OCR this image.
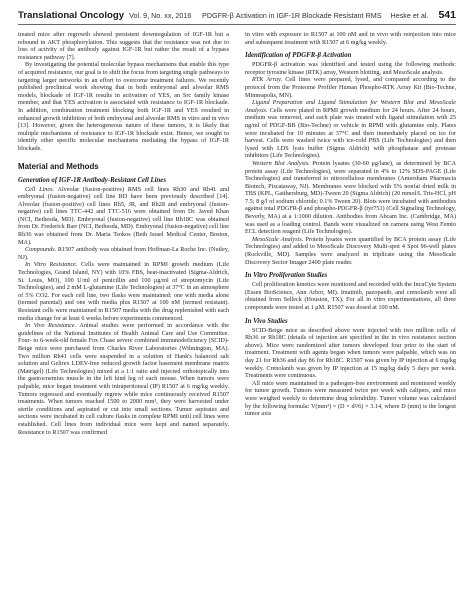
Translational Oncology Vol. 9, No. xx, 2016 PDGFR-β Activation in IGF-1R Blockade Resistant RMS Heske et al. 541

treated mice after regrowth showed persistent downregulation of IGF-1R but a rebound in AKT phosphorylation. This suggests that the resistance was not due to loss of activity of the antibody against IGF-1R but rather the result of a bypass resistance pathway [7].

By investigating the potential molecular bypass mechanisms that enable this type of acquired resistance, our goal is to shift the focus from targeting single pathways to targeting larger networks in an effort to overcome treatment failures. We recently published preclinical work showing that in both embryonal and alveolar RMS models, blockade of IGF-1R results in activation of YES, an Src family kinase member, and that YES activation is associated with resistance to IGF-1R blockade. In addition, combination treatment blocking both IGF-1R and YES resulted in enhanced growth inhibition of both embryonal and alveolar RMS in vitro and in vivo [13]. However, given the heterogeneous nature of these tumors, it is likely that multiple mechanisms of resistance to IGF-1R blockade exist. Hence, we sought to identify other specific molecular mechanisms mediating the bypass of IGF-1R blockade.

Material and Methods
Generation of IGF-1R Antibody-Resistant Cell Lines

Cell Lines. Alveolar (fusion-positive) RMS cell lines Rh30 and Rh41 and embryonal (fusion-negative) cell line RD have been previously described [14]. Alveolar (fusion-positive) cell lines Rh5, JR, and Rh28 and embryonal (fusion-negative) cell lines TTC-442 and TTC-516 were obtained from Dr. Javed Khan (NCI, Bethesda, MD). Embryonal (fusion-negative) cell line Rh18C was obtained from Dr. Frederick Barr (NCI, Bethesda, MD). Embryonal (fusion-negative) cell line Rh36 was obtained from Dr. Maria Tsokos (Beth Israel Medical Center, Boston, MA).

Compounds. R1507 antibody was obtained from Hoffman-La Roche Inc. (Nutley, NJ).

In Vitro Resistance. Cells were maintained in RPMI growth medium (Life Technologies, Grand Island, NY) with 10% FBS, heat-inactivated (Sigma-Aldrich, St. Louis, MO), 100 U/ml of penicillin and 100 μg/ml of streptomycin (Life Technologies), and 2 mM L-glutamine (Life Technologies) at 37°C in an atmosphere of 5% CO2. For each cell line, two flasks were maintained: one with media alone (termed parental) and one with media plus R1507 at 100 nM (termed resistant). Resistant cells were maintained in R1507 media with the drug replenished with each media change for at least 6 weeks before experiments commenced.

In Vivo Resistance. Animal studies were performed in accordance with the guidelines of the National Institutes of Health Animal Care and Use Committee. Four- to 6-week-old female Fox Chase severe combined immunodeficiency (SCID)-Beige mice were purchased from Charles River Laboratories (Wilmington, MA). Two million Rh41 cells were suspended in a solution of Hank's balanced salt solution and Geltrex LDEV-free reduced growth factor basement membrane matrix (Matrigel) (Life Technologies) mixed at a 1:1 ratio and injected orthotopically into the gastrocnemius muscle in the left hind leg of each mouse. When tumors were palpable, mice began treatment with intraperitoneal (IP) R1507 at 6 mg/kg weekly. Tumors regressed and eventually regrew while mice continuously received R1507 treatments. When tumors reached 1500 to 2000 mm³, they were harvested under sterile conditions and aspirated or cut into small sections. Tumor aspirates and sections were incubated in cell culture flasks in complete RPMI until cell lines were established. Cell lines from individual mice were kept and named separately. Resistance to R1507 was confirmed

in vitro with exposure to R1507 at 100 nM and in vivo with reinjection into mice and subsequent treatment with R1507 at 6 mg/kg weekly.

Identification of PDGFR-β Activation

PDGFR-β activation was identified and tested using the following methods: receptor tyrosine kinase (RTK) array, Western blotting, and MesoScale analysis.

RTK Array. Cell lines were prepared, lysed, and compared according to the protocol from the Proteome Profiler Human Phospho-RTK Array Kit (Bio-Techne, Minneapolis, MN).

Ligand Preparation and Ligand Stimulation for Western Blot and MesoScale Analysis. Cells were plated in RPMI growth medium for 24 hours. After 24 hours, medium was removed, and each plate was treated with ligand stimulation with 25 ng/ml of PDGF-BB (Bio-Techne) or vehicle in RPMI with glutamine only. Plates were incubated for 10 minutes at 37°C and then immediately placed on ice for harvest. Cells were washed twice with ice-cold PBS (Life Technologies) and then lysed with LDS lysis buffer (Sigma Aldrich) with phosphatase and protease inhibitors (Life Technologies).

Western Blot Analysis. Protein lysates (30-60 μg/lane), as determined by BCA protein assay (Life Technologies), were separated in 4% to 12% SDS-PAGE (Life Technologies) and transferred to nitrocellulose membranes (Amersham Pharmacia Biotech, Piscataway, NJ). Membranes were blocked with 5% nonfat dried milk in TBS (KPL, Gaithersburg, MD)-Tween 20 (Sigma Aldrich) (20 mmol/L Tris-HCl, pH 7.5; 8 g/l of sodium chloride; 0.1% Tween 20). Blots were incubated with antibodies against total PDGFR-β and phospho-PDGFR-β (tyr751) (Cell Signaling Technology, Beverly, MA) at a 1:1000 dilution. Antibodies from Abcam Inc. (Cambridge, MA) was used as a loading control. Bands were visualized on camera using West Femto ECL detection reagent (Life Technologies).

MesoScale Analysis. Protein lysates were quantified by BCA protein assay (Life Technologies) and added to MesoScale Discovery Multi-spot 4 Spot 96-well plates (Rockville, MD). Samples were analyzed in triplicate using the MesoScale Discovery Sector Imager 2400 plate reader.

In Vitro Proliferation Studies

Cell proliferation kinetics were monitored and recorded with the IncuCyte System (Essen BioScience, Ann Arbor, MI). Imatinib, pazopanib, and crenolanib were all obtained from Selleck (Houston, TX). For all in vitro experimentations, all three compounds were tested at 1 μM. R1507 was dosed at 100 nM.

In Vivo Studies

SCID-Beige mice as described above were injected with two million cells of Rh36 or Rh18C (details of injection are specified in the in vivo resistance section above). Mice were randomized after tumors developed four prior to the start of treatment. Treatment with agents began when tumors were palpable, which was on day 21 for Rh36 and day 86 for Rh18C. R1507 was given by IP injection at 6 mg/kg weekly. Crenolanib was given by IP injection at 15 mg/kg daily 5 days per week. Treatments were continuous.

All mice were maintained in a pathogen-free environment and monitored weekly for tumor growth. Tumors were measured twice per week with calipers, and mice were weighed weekly to determine drug tolerability. Tumor volume was calculated by the following formula: V(mm³) = (D × d²/6) × 3.14, where D (mm) is the longest tumor axis
